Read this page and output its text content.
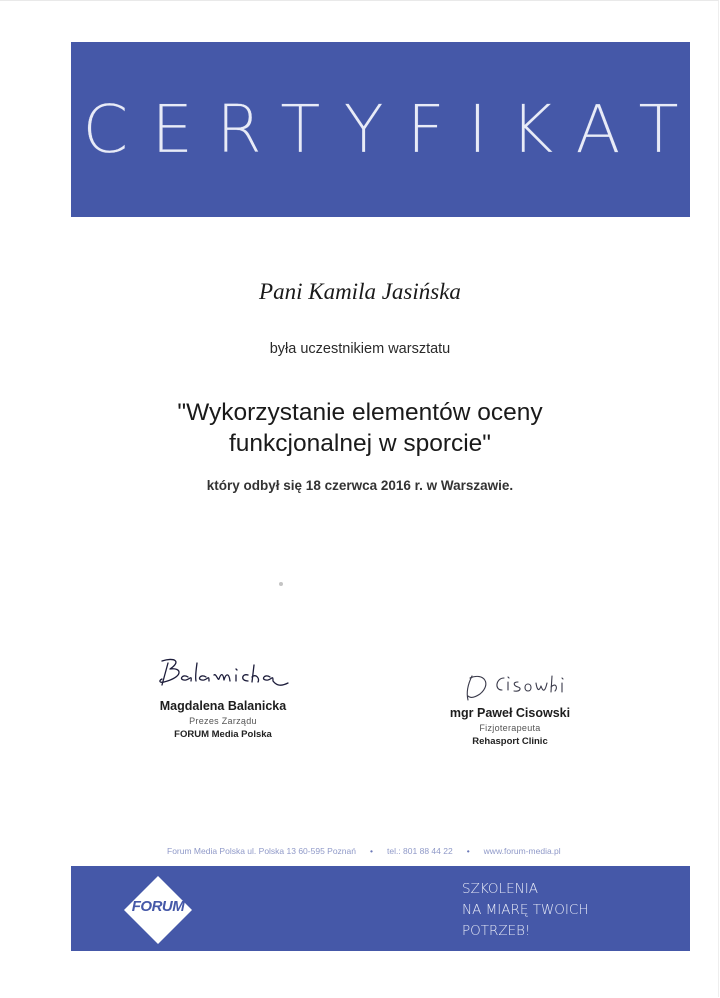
CERTYFIKAT
Pani Kamila Jasińska
była uczestnikiem warsztatu
"Wykorzystanie elementów oceny
funkcjonalnej w sporcie"
który odbył się 18 czerwca 2016 r. w Warszawie.
Magdalena Balanicka
Prezes Zarządu
FORUM Media Polska
mgr Paweł Cisowski
Fizjoterapeuta
Rehasport Clinic
Forum Media Polska ul. Polska 13 60-595 Poznań • tel.: 801 88 44 22 • www.forum-media.pl
FORUM
SZKOLENIA
NA MIARĘ TWOICH
POTRZEB!
